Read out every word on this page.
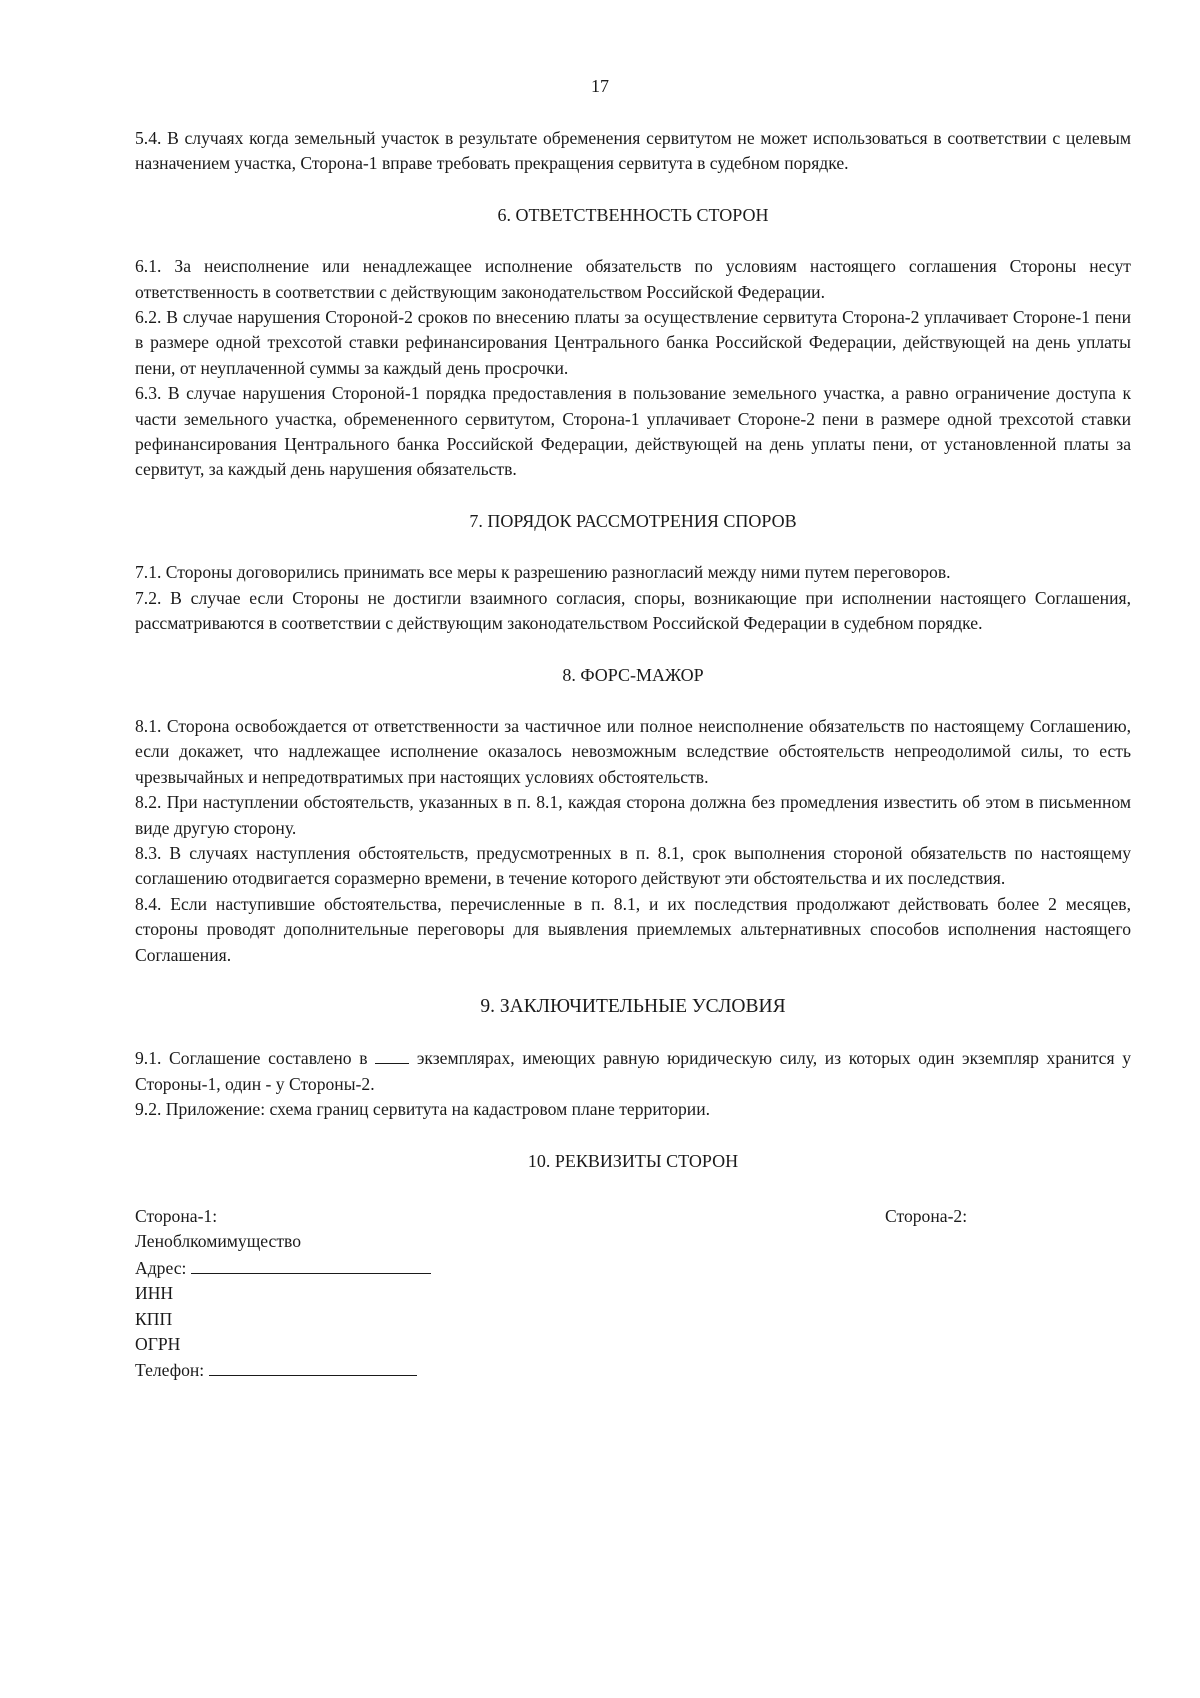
17

5.4. В случаях когда земельный участок в результате обременения сервитутом не может использоваться в соответствии с целевым назначением участка, Сторона-1 вправе требовать прекращения сервитута в судебном порядке.

6. ОТВЕТСТВЕННОСТЬ СТОРОН

6.1. За неисполнение или ненадлежащее исполнение обязательств по условиям настоящего соглашения Стороны несут ответственность в соответствии с действующим законодательством Российской Федерации.

6.2. В случае нарушения Стороной-2 сроков по внесению платы за осуществление сервитута Сторона-2 уплачивает Стороне-1 пени в размере одной трехсотой ставки рефинансирования Центрального банка Российской Федерации, действующей на день уплаты пени, от неуплаченной суммы за каждый день просрочки.

6.3. В случае нарушения Стороной-1 порядка предоставления в пользование земельного участка, а равно ограничение доступа к части земельного участка, обремененного сервитутом, Сторона-1 уплачивает Стороне-2 пени в размере одной трехсотой ставки рефинансирования Центрального банка Российской Федерации, действующей на день уплаты пени, от установленной платы за сервитут, за каждый день нарушения обязательств.

7. ПОРЯДОК РАССМОТРЕНИЯ СПОРОВ

7.1. Стороны договорились принимать все меры к разрешению разногласий между ними путем переговоров.

7.2. В случае если Стороны не достигли взаимного согласия, споры, возникающие при исполнении настоящего Соглашения, рассматриваются в соответствии с действующим законодательством Российской Федерации в судебном порядке.

8. ФОРС-МАЖОР

8.1. Сторона освобождается от ответственности за частичное или полное неисполнение обязательств по настоящему Соглашению, если докажет, что надлежащее исполнение оказалось невозможным вследствие обстоятельств непреодолимой силы, то есть чрезвычайных и непредотвратимых при настоящих условиях обстоятельств.

8.2. При наступлении обстоятельств, указанных в п. 8.1, каждая сторона должна без промедления известить об этом в письменном виде другую сторону.

8.3. В случаях наступления обстоятельств, предусмотренных в п. 8.1, срок выполнения стороной обязательств по настоящему соглашению отодвигается соразмерно времени, в течение которого действуют эти обстоятельства и их последствия.

8.4. Если наступившие обстоятельства, перечисленные в п. 8.1, и их последствия продолжают действовать более 2 месяцев, стороны проводят дополнительные переговоры для выявления приемлемых альтернативных способов исполнения настоящего Соглашения.

9. ЗАКЛЮЧИТЕЛЬНЫЕ УСЛОВИЯ

9.1. Соглашение составлено в	экземплярах, имеющих равную юридическую силу, из которых один экземпляр хранится у Стороны-1, один - у Стороны-2.

9.2. Приложение: схема границ сервитута на кадастровом плане территории.

10. РЕКВИЗИТЫ СТОРОН

Сторона-1:
Леноблкомимущество
Адрес:
ИНН
КПП
ОГРН
Телефон:
Сторона-2:
